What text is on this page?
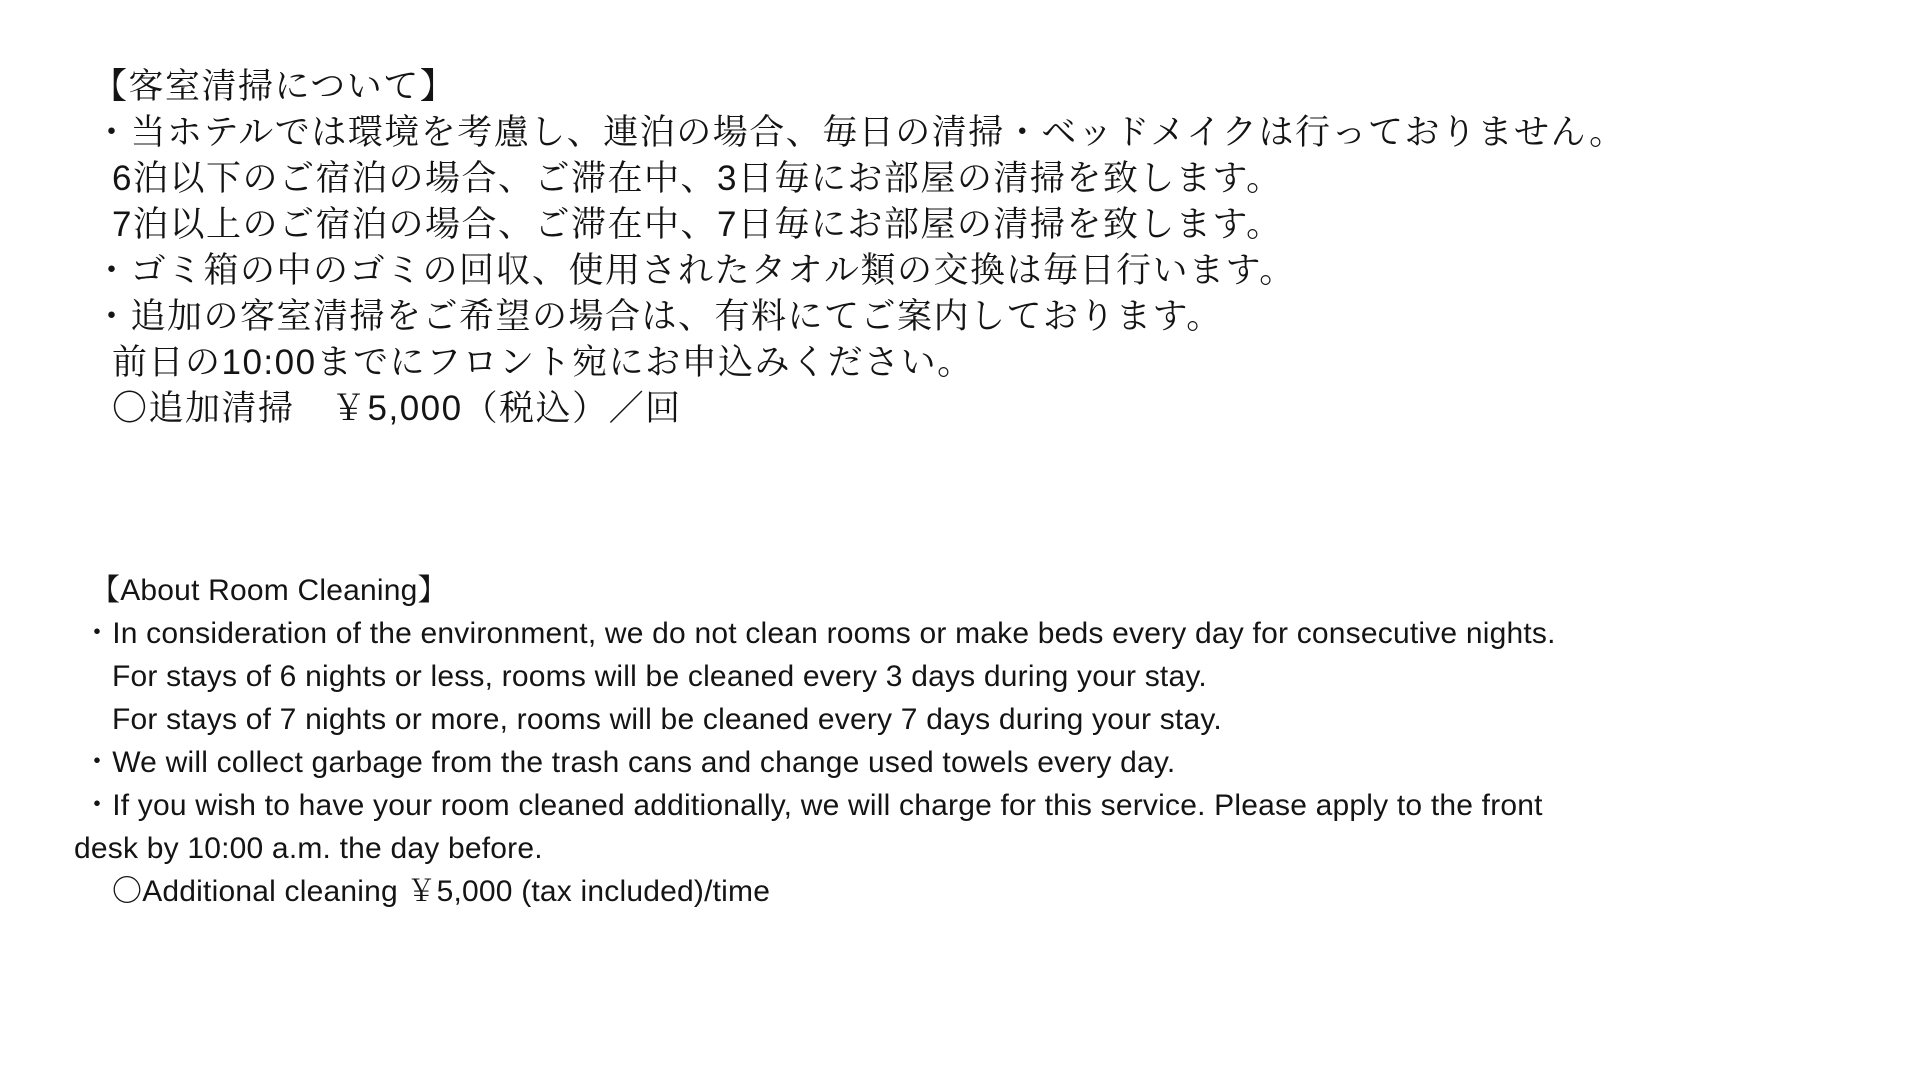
【客室清掃について】

・当ホテルでは環境を考慮し、連泊の場合、毎日の清掃・ベッドメイクは行っておりません。

6泊以下のご宿泊の場合、ご滞在中、3日毎にお部屋の清掃を致します。

7泊以上のご宿泊の場合、ご滞在中、7日毎にお部屋の清掃を致します。

・ゴミ箱の中のゴミの回収、使用されたタオル類の交換は毎日行います。

・追加の客室清掃をご希望の場合は、有料にてご案内しております。

前日の10:00までにフロント宛にお申込みください。

〇追加清掃　￥5,000（税込）／回

【About Room Cleaning】

・In consideration of the environment, we do not clean rooms or make beds every day for consecutive nights.

For stays of 6 nights or less, rooms will be cleaned every 3 days during your stay.

For stays of 7 nights or more, rooms will be cleaned every 7 days during your stay.

・We will collect garbage from the trash cans and change used towels every day.

・If you wish to have your room cleaned additionally, we will charge for this service. Please apply to the front

desk by 10:00 a.m. the day before.

〇Additional cleaning ￥5,000 (tax included)/time
